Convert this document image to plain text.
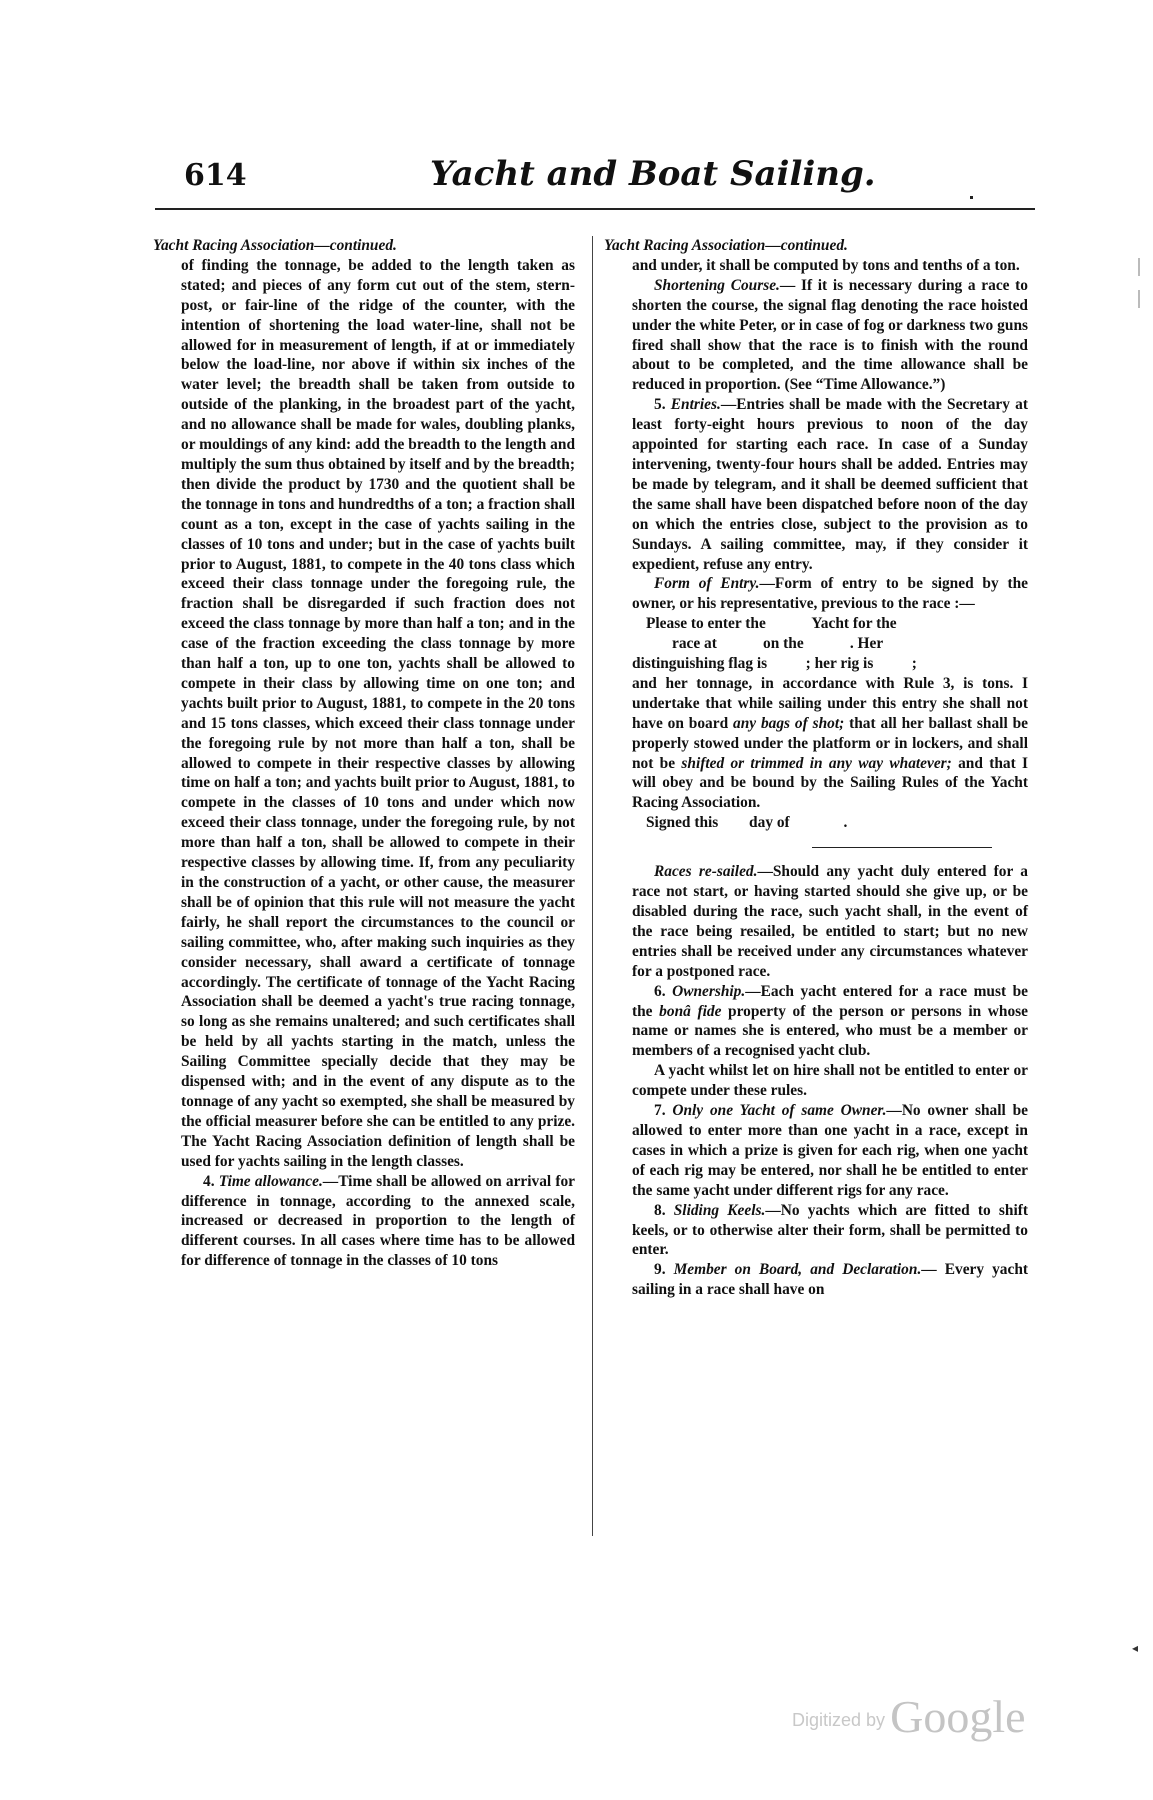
614	Yacht and Boat Sailing.

Yacht Racing Association—continued.

of finding the tonnage, be added to the length taken as stated; and pieces of any form cut out of the stem, stern-post, or fair-line of the ridge of the counter, with the intention of shortening the load water-line, shall not be allowed for in measurement of length, if at or immediately below the load-line, nor above if within six inches of the water level; the breadth shall be taken from outside to outside of the planking, in the broadest part of the yacht, and no allowance shall be made for wales, doubling planks, or mouldings of any kind: add the breadth to the length and multiply the sum thus obtained by itself and by the breadth; then divide the product by 1730 and the quotient shall be the tonnage in tons and hundredths of a ton; a fraction shall count as a ton, except in the case of yachts sailing in the classes of 10 tons and under; but in the case of yachts built prior to August, 1881, to compete in the 40 tons class which exceed their class tonnage under the foregoing rule, the fraction shall be disregarded if such fraction does not exceed the class tonnage by more than half a ton; and in the case of the fraction exceeding the class tonnage by more than half a ton, up to one ton, yachts shall be allowed to compete in their class by allowing time on one ton; and yachts built prior to August, 1881, to compete in the 20 tons and 15 tons classes, which exceed their class tonnage under the foregoing rule by not more than half a ton, shall be allowed to compete in their respective classes by allowing time on half a ton; and yachts built prior to August, 1881, to compete in the classes of 10 tons and under which now exceed their class tonnage, under the foregoing rule, by not more than half a ton, shall be allowed to compete in their respective classes by allowing time. If, from any peculiarity in the construction of a yacht, or other cause, the measurer shall be of opinion that this rule will not measure the yacht fairly, he shall report the circumstances to the council or sailing committee, who, after making such inquiries as they consider necessary, shall award a certificate of tonnage accordingly. The certificate of tonnage of the Yacht Racing Association shall be deemed a yacht's true racing tonnage, so long as she remains unaltered; and such certificates shall be held by all yachts starting in the match, unless the Sailing Committee specially decide that they may be dispensed with; and in the event of any dispute as to the tonnage of any yacht so exempted, she shall be measured by the official measurer before she can be entitled to any prize. The Yacht Racing Association definition of length shall be used for yachts sailing in the length classes.

4. Time allowance.—Time shall be allowed on arrival for difference in tonnage, according to the annexed scale, increased or decreased in proportion to the length of different courses. In all cases where time has to be allowed for difference of tonnage in the classes of 10 tons

Yacht Racing Association—continued.

and under, it shall be computed by tons and tenths of a ton.

Shortening Course.— If it is necessary during a race to shorten the course, the signal flag denoting the race hoisted under the white Peter, or in case of fog or darkness two guns fired shall show that the race is to finish with the round about to be completed, and the time allowance shall be reduced in proportion. (See “Time Allowance.”)

5. Entries.—Entries shall be made with the Secretary at least forty-eight hours previous to noon of the day appointed for starting each race. In case of a Sunday intervening, twenty-four hours shall be added. Entries may be made by telegram, and it shall be deemed sufficient that the same shall have been dispatched before noon of the day on which the entries close, subject to the provision as to Sundays. A sailing committee, may, if they consider it expedient, refuse any entry.

Form of Entry.—Form of entry to be signed by the owner, or his representative, previous to the race :—

Please to enter the            Yacht for the

race at            on the            . Her

distinguishing flag is          ; her rig is          ;

and her tonnage, in accordance with Rule 3, is tons. I undertake that while sailing under this entry she shall not have on board any bags of shot; that all her ballast shall be properly stowed under the platform or in lockers, and shall not be shifted or trimmed in any way whatever; and that I will obey and be bound by the Sailing Rules of the Yacht Racing Association.

Signed this        day of              .

Races re-sailed.—Should any yacht duly entered for a race not start, or having started should she give up, or be disabled during the race, such yacht shall, in the event of the race being resailed, be entitled to start; but no new entries shall be received under any circumstances whatever for a postponed race.

6. Ownership.—Each yacht entered for a race must be the bonâ fide property of the person or persons in whose name or names she is entered, who must be a member or members of a recognised yacht club.

A yacht whilst let on hire shall not be entitled to enter or compete under these rules.

7. Only one Yacht of same Owner.—No owner shall be allowed to enter more than one yacht in a race, except in cases in which a prize is given for each rig, when one yacht of each rig may be entered, nor shall he be entitled to enter the same yacht under different rigs for any race.

8. Sliding Keels.—No yachts which are fitted to shift keels, or to otherwise alter their form, shall be permitted to enter.

9. Member on Board, and Declaration.— Every yacht sailing in a race shall have on

◂
Digitized by Google
